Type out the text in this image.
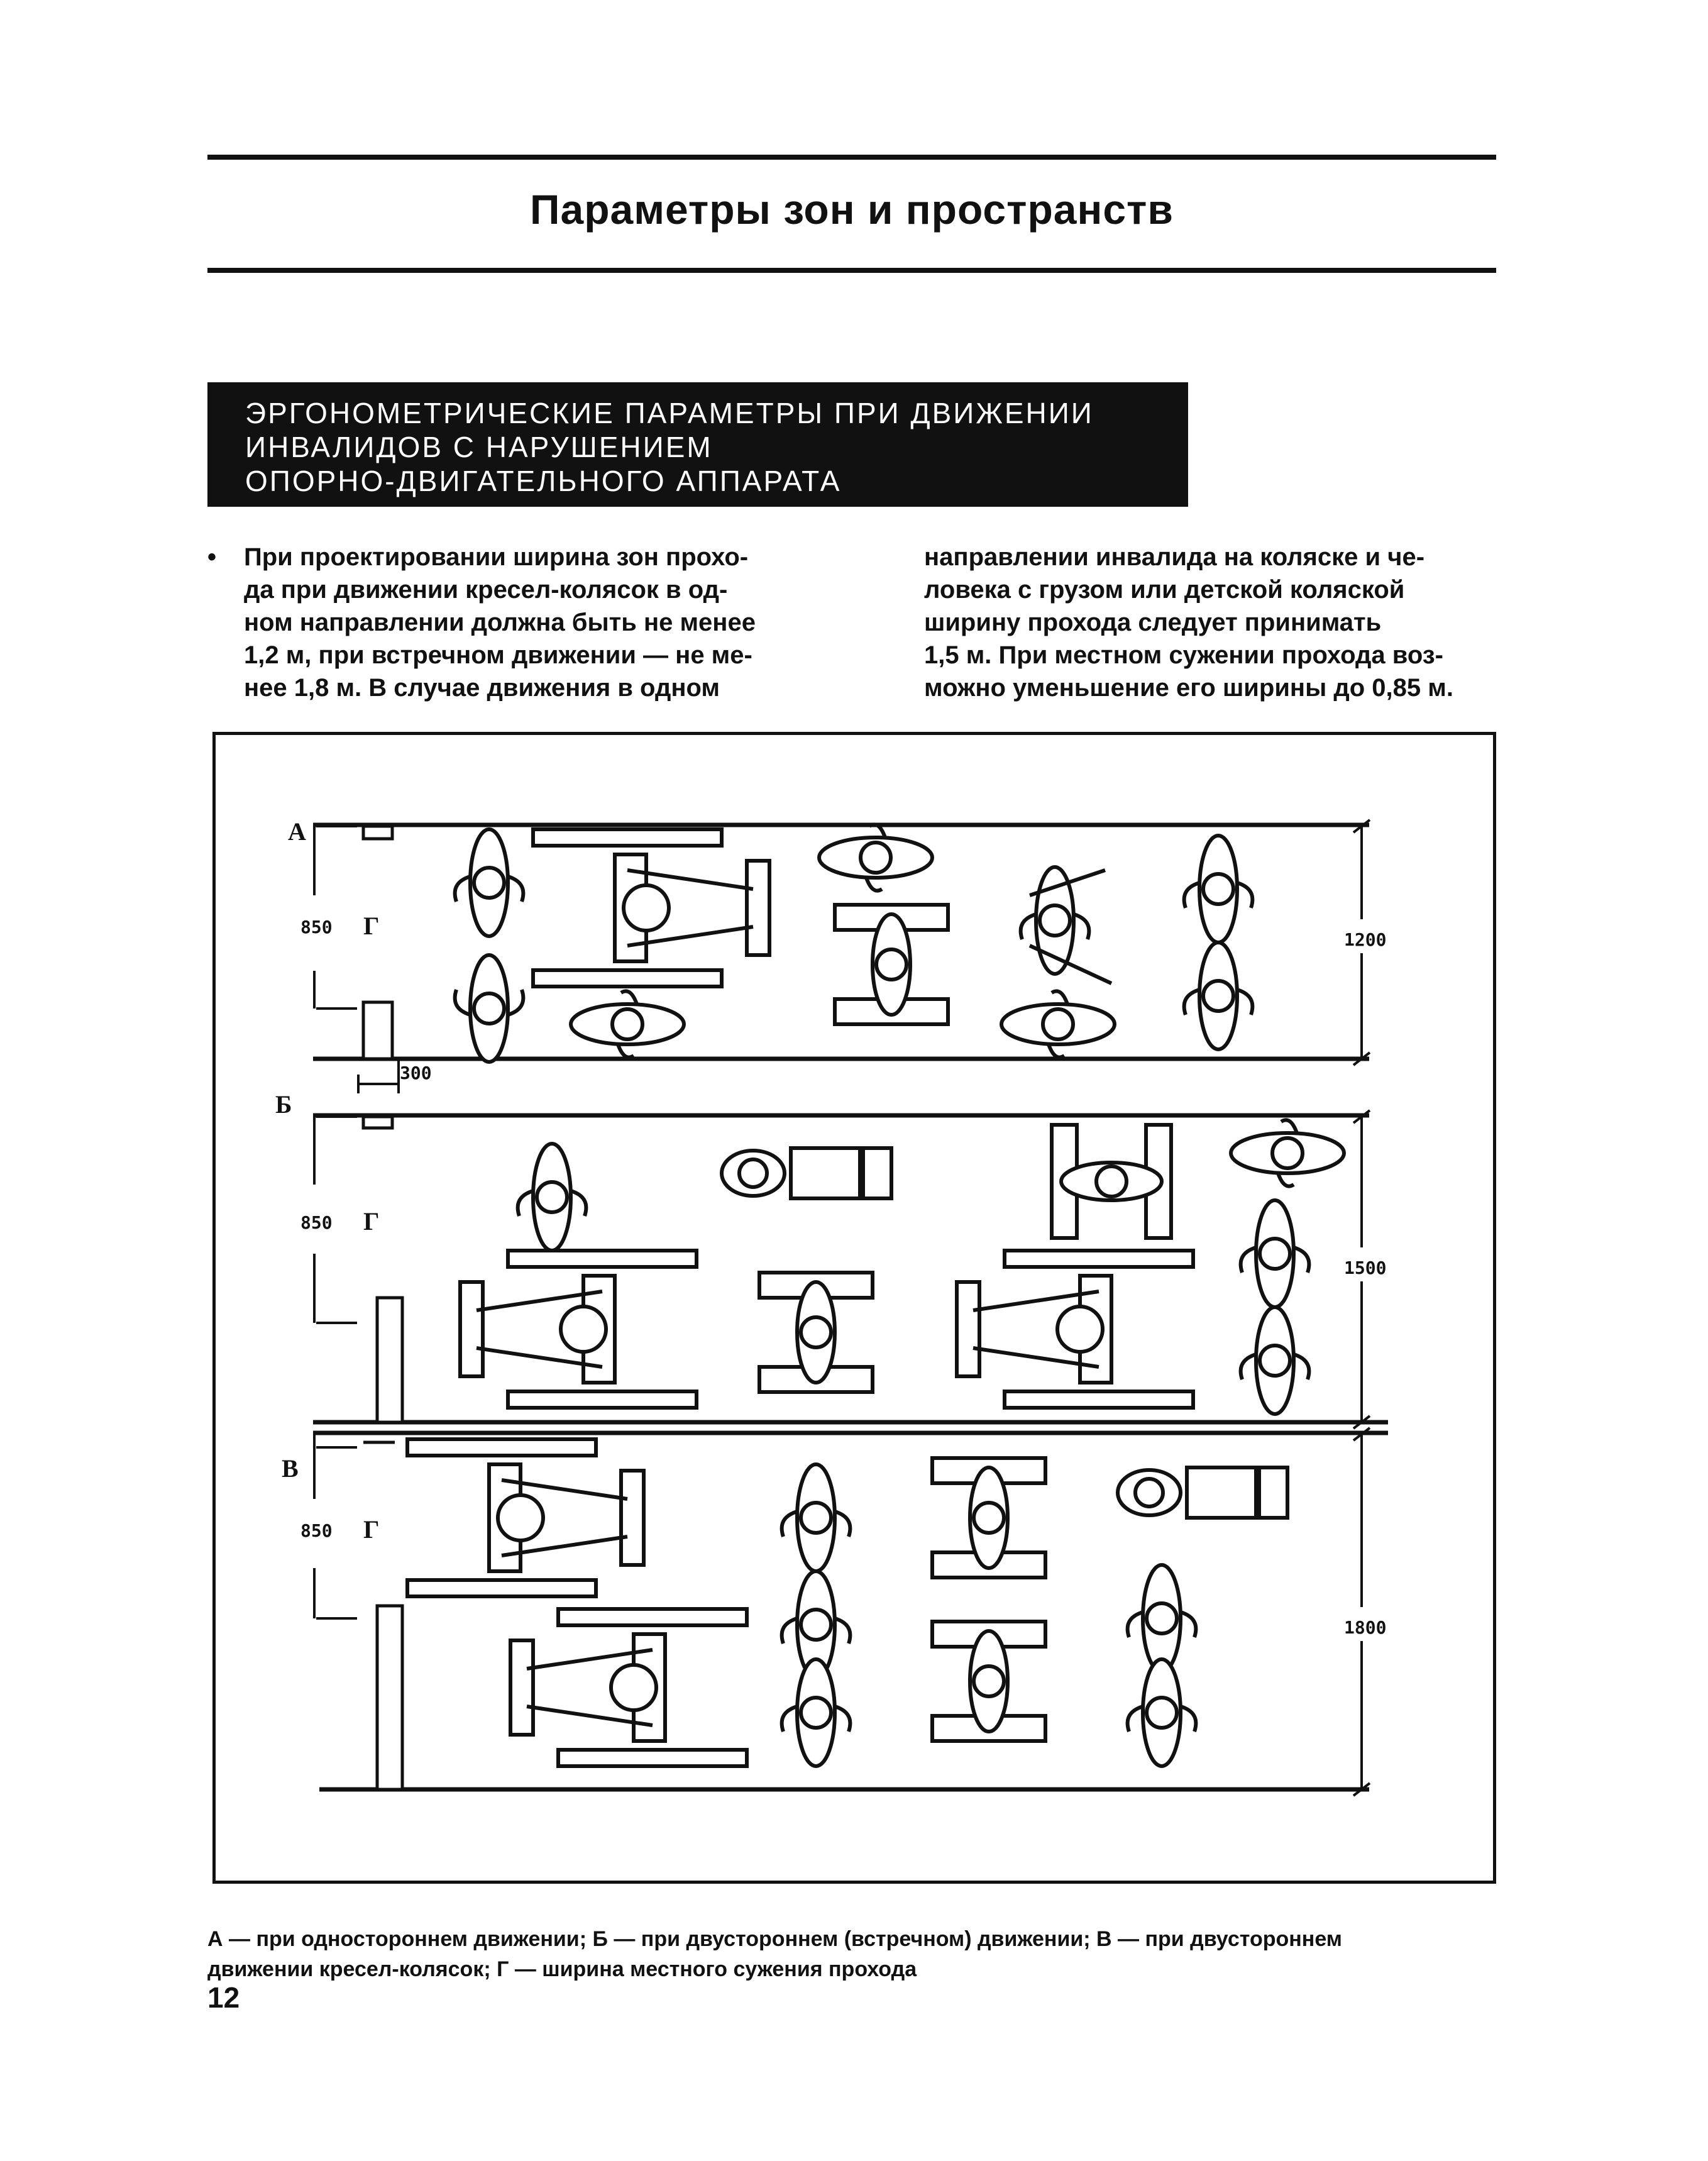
Параметры зон и пространств
ЭРГОНОМЕТРИЧЕСКИЕ ПАРАМЕТРЫ ПРИ ДВИЖЕНИИ
ИНВАЛИДОВ С НАРУШЕНИЕМ
ОПОРНО-ДВИГАТЕЛЬНОГО АППАРАТА
• При проектировании ширина зон прохо-
да при движении кресел-колясок в од-
ном направлении должна быть не менее
1,2 м, при встречном движении — не ме-
нее 1,8 м. В случае движения в одном
направлении инвалида на коляске и че-
ловека с грузом или детской коляской
ширину прохода следует принимать
1,5 м. При местном сужении прохода воз-
можно уменьшение его ширины до 0,85 м.
А
850 Г
300
1200
Б
850 Г
1500
В
850 Г
1800
А — при одностороннем движении; Б — при двустороннем (встречном) движении; В — при двустороннем
движении кресел-колясок; Г — ширина местного сужения прохода
12
